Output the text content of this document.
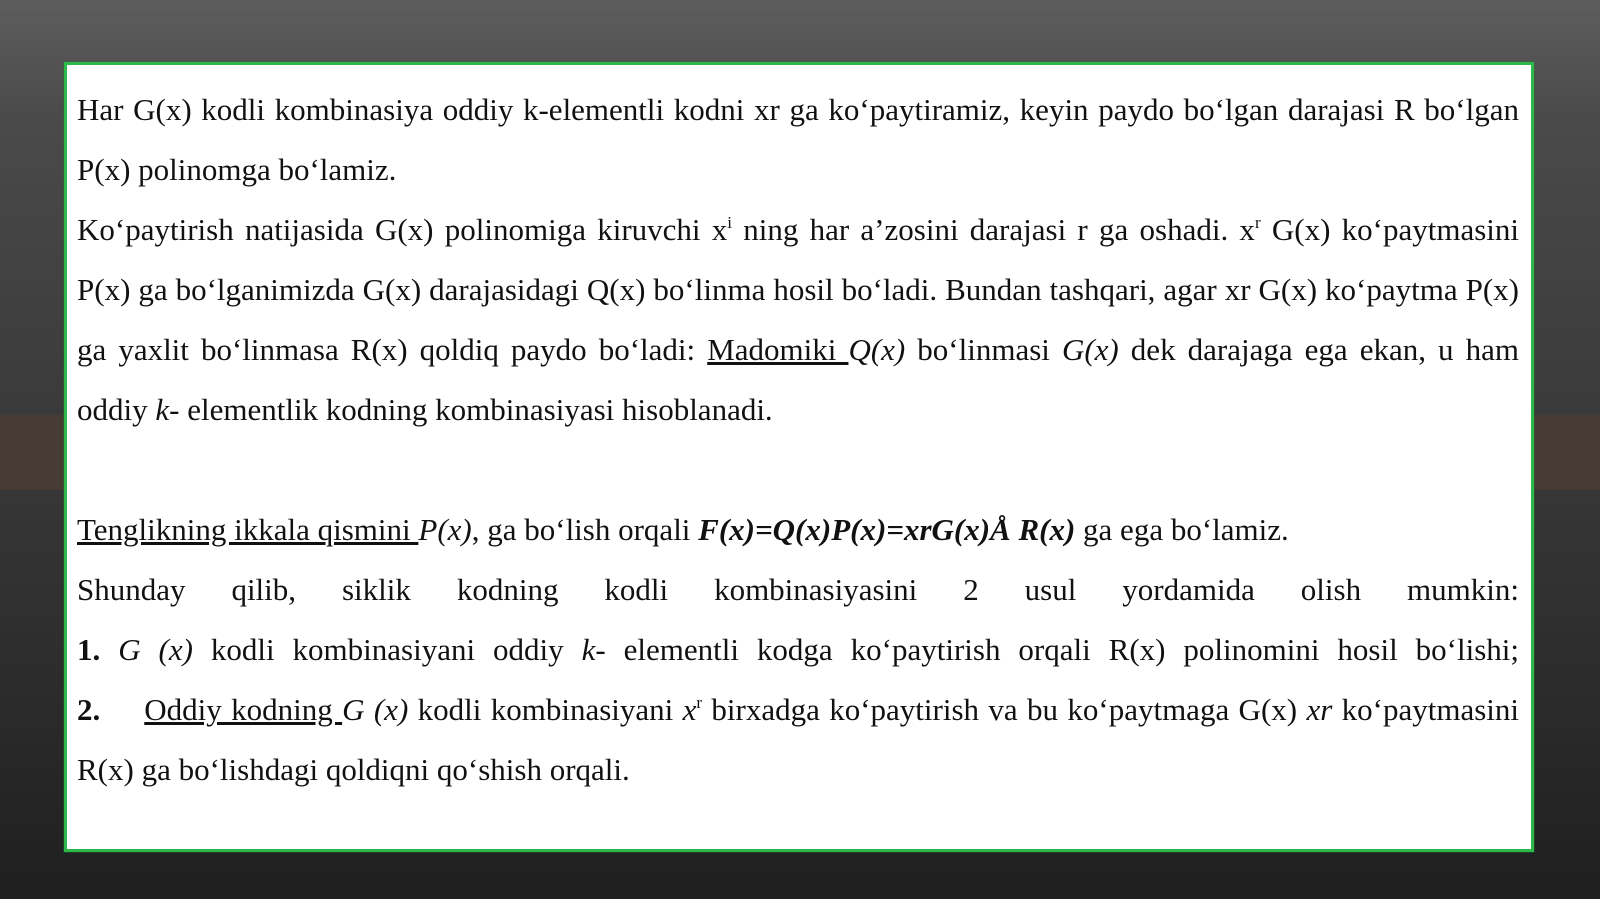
Har G(x) kodli kombinasiya oddiy k-elementli kodni xr ga ko‘paytiramiz, keyin paydo bo‘lgan darajasi R bo‘lgan P(x) polinomga bo‘lamiz.

Ko‘paytirish natijasida G(x) polinomiga kiruvchi $x^i$ ning har a’zosini darajasi r ga oshadi. $x^r$ G(x) ko‘paytmasini P(x) ga bo‘lganimizda G(x) darajasidagi Q(x) bo‘linma hosil bo‘ladi. Bundan tashqari, agar xr G(x) ko‘paytma P(x) ga yaxlit bo‘linmasa R(x) qoldiq paydo bo‘ladi: Madomiki Q(x) bo‘linmasi G(x) dek darajaga ega ekan, u ham oddiy k- elementlik kodning kombinasiyasi hisoblanadi.

Tenglikning ikkala qismini P(x), ga bo‘lish orqali F(x)=Q(x)P(x)=xrG(x)Å R(x) ga ega bo‘lamiz.

Shunday qilib, siklik kodning kodli kombinasiyasini 2 usul yordamida olish mumkin:

1. G (x) kodli kombinasiyani oddiy k- elementli kodga ko‘paytirish orqali R(x) polinomini hosil bo‘lishi;

2. Oddiy kodning G (x) kodli kombinasiyani $x^r$ birxadga ko‘paytirish va bu ko‘paytmaga G(x) xr ko‘paytmasini R(x) ga bo‘lishdagi qoldiqni qo‘shish orqali.
